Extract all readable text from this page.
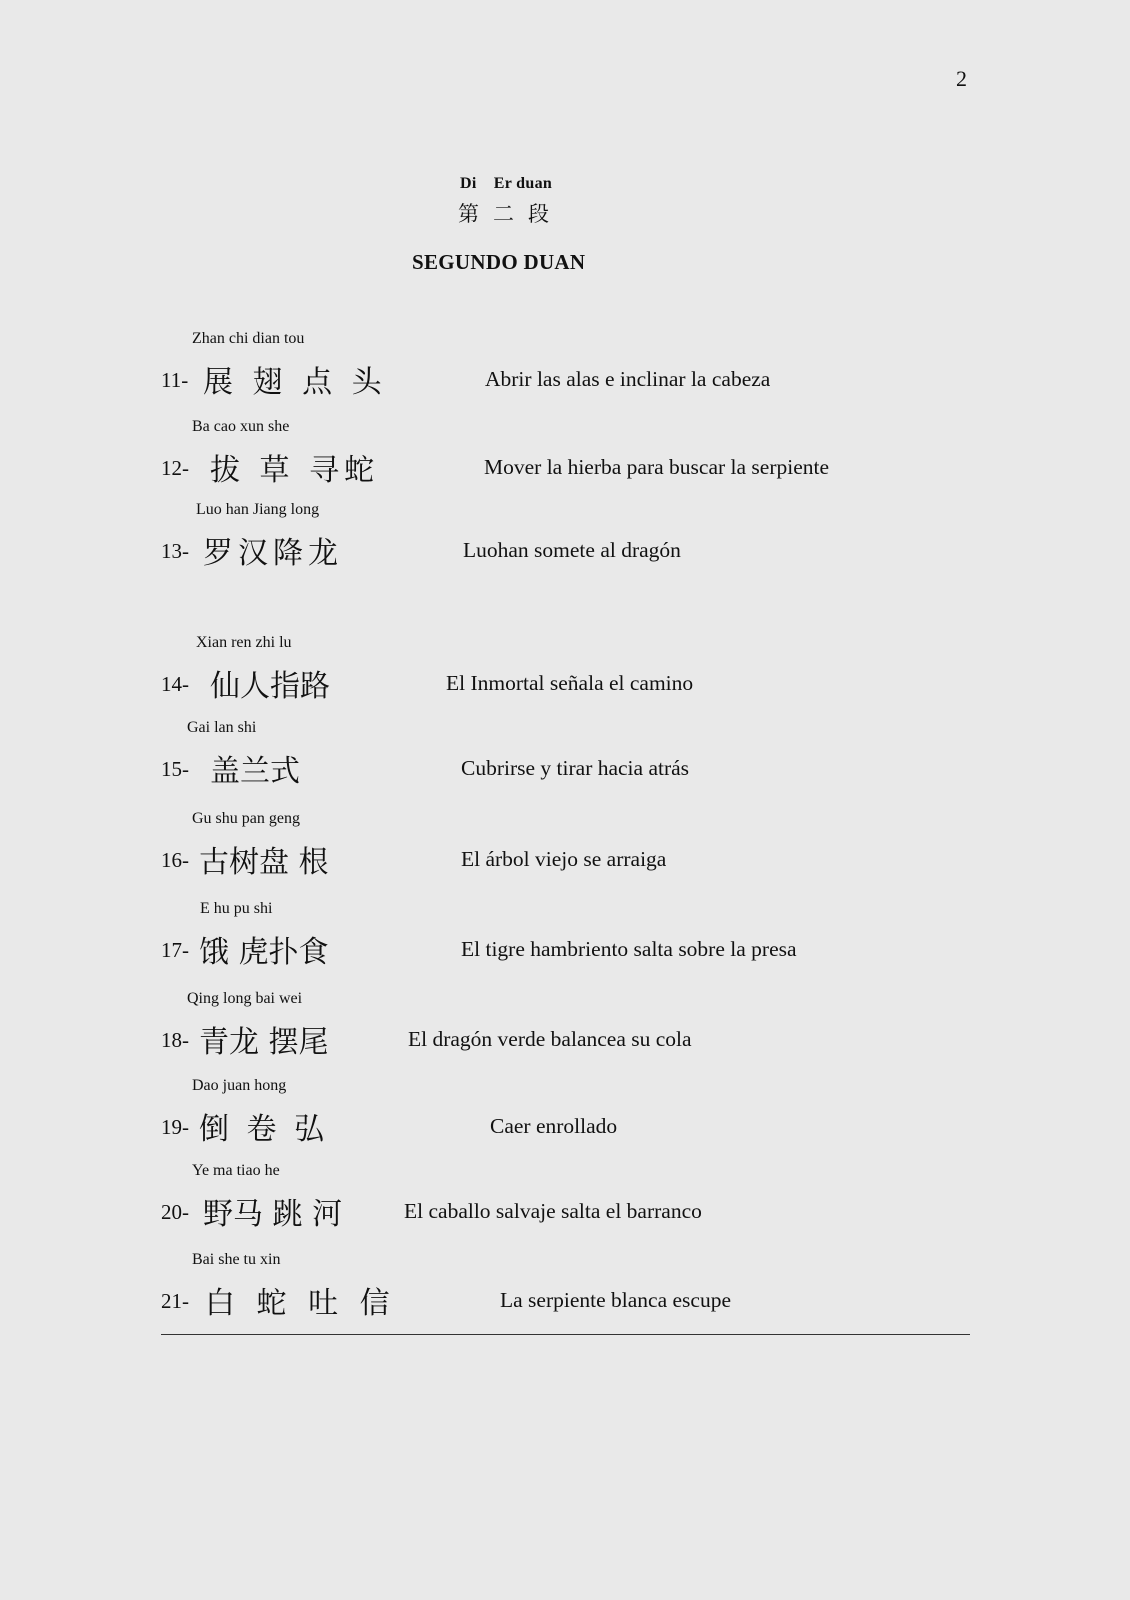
2
Di    Er duan
第 二 段
SEGUNDO DUAN
Zhan chi dian tou
11- 展 翅 点 头	Abrir las alas e inclinar la cabeza
Ba cao xun she
12- 拔 草 寻蛇	Mover la hierba para buscar la serpiente
Luo han Jiang long
13- 罗汉降龙	Luohan somete al dragón
Xian ren zhi lu
14- 仙人指路	El Inmortal señala el camino
Gai lan shi
15- 盖兰式	Cubrirse y tirar hacia atrás
Gu shu pan geng
16- 古树盘 根	El árbol viejo se arraiga
E hu pu shi
17- 饿 虎扑食	El tigre hambriento salta sobre la presa
Qing long bai wei
18- 青龙 摆尾	El dragón verde balancea su cola
Dao juan hong
19- 倒 卷 弘	Caer enrollado
Ye ma tiao he
20- 野马 跳 河	El caballo salvaje salta el barranco
Bai she tu xin
21- 白 蛇 吐 信	La serpiente blanca escupe
